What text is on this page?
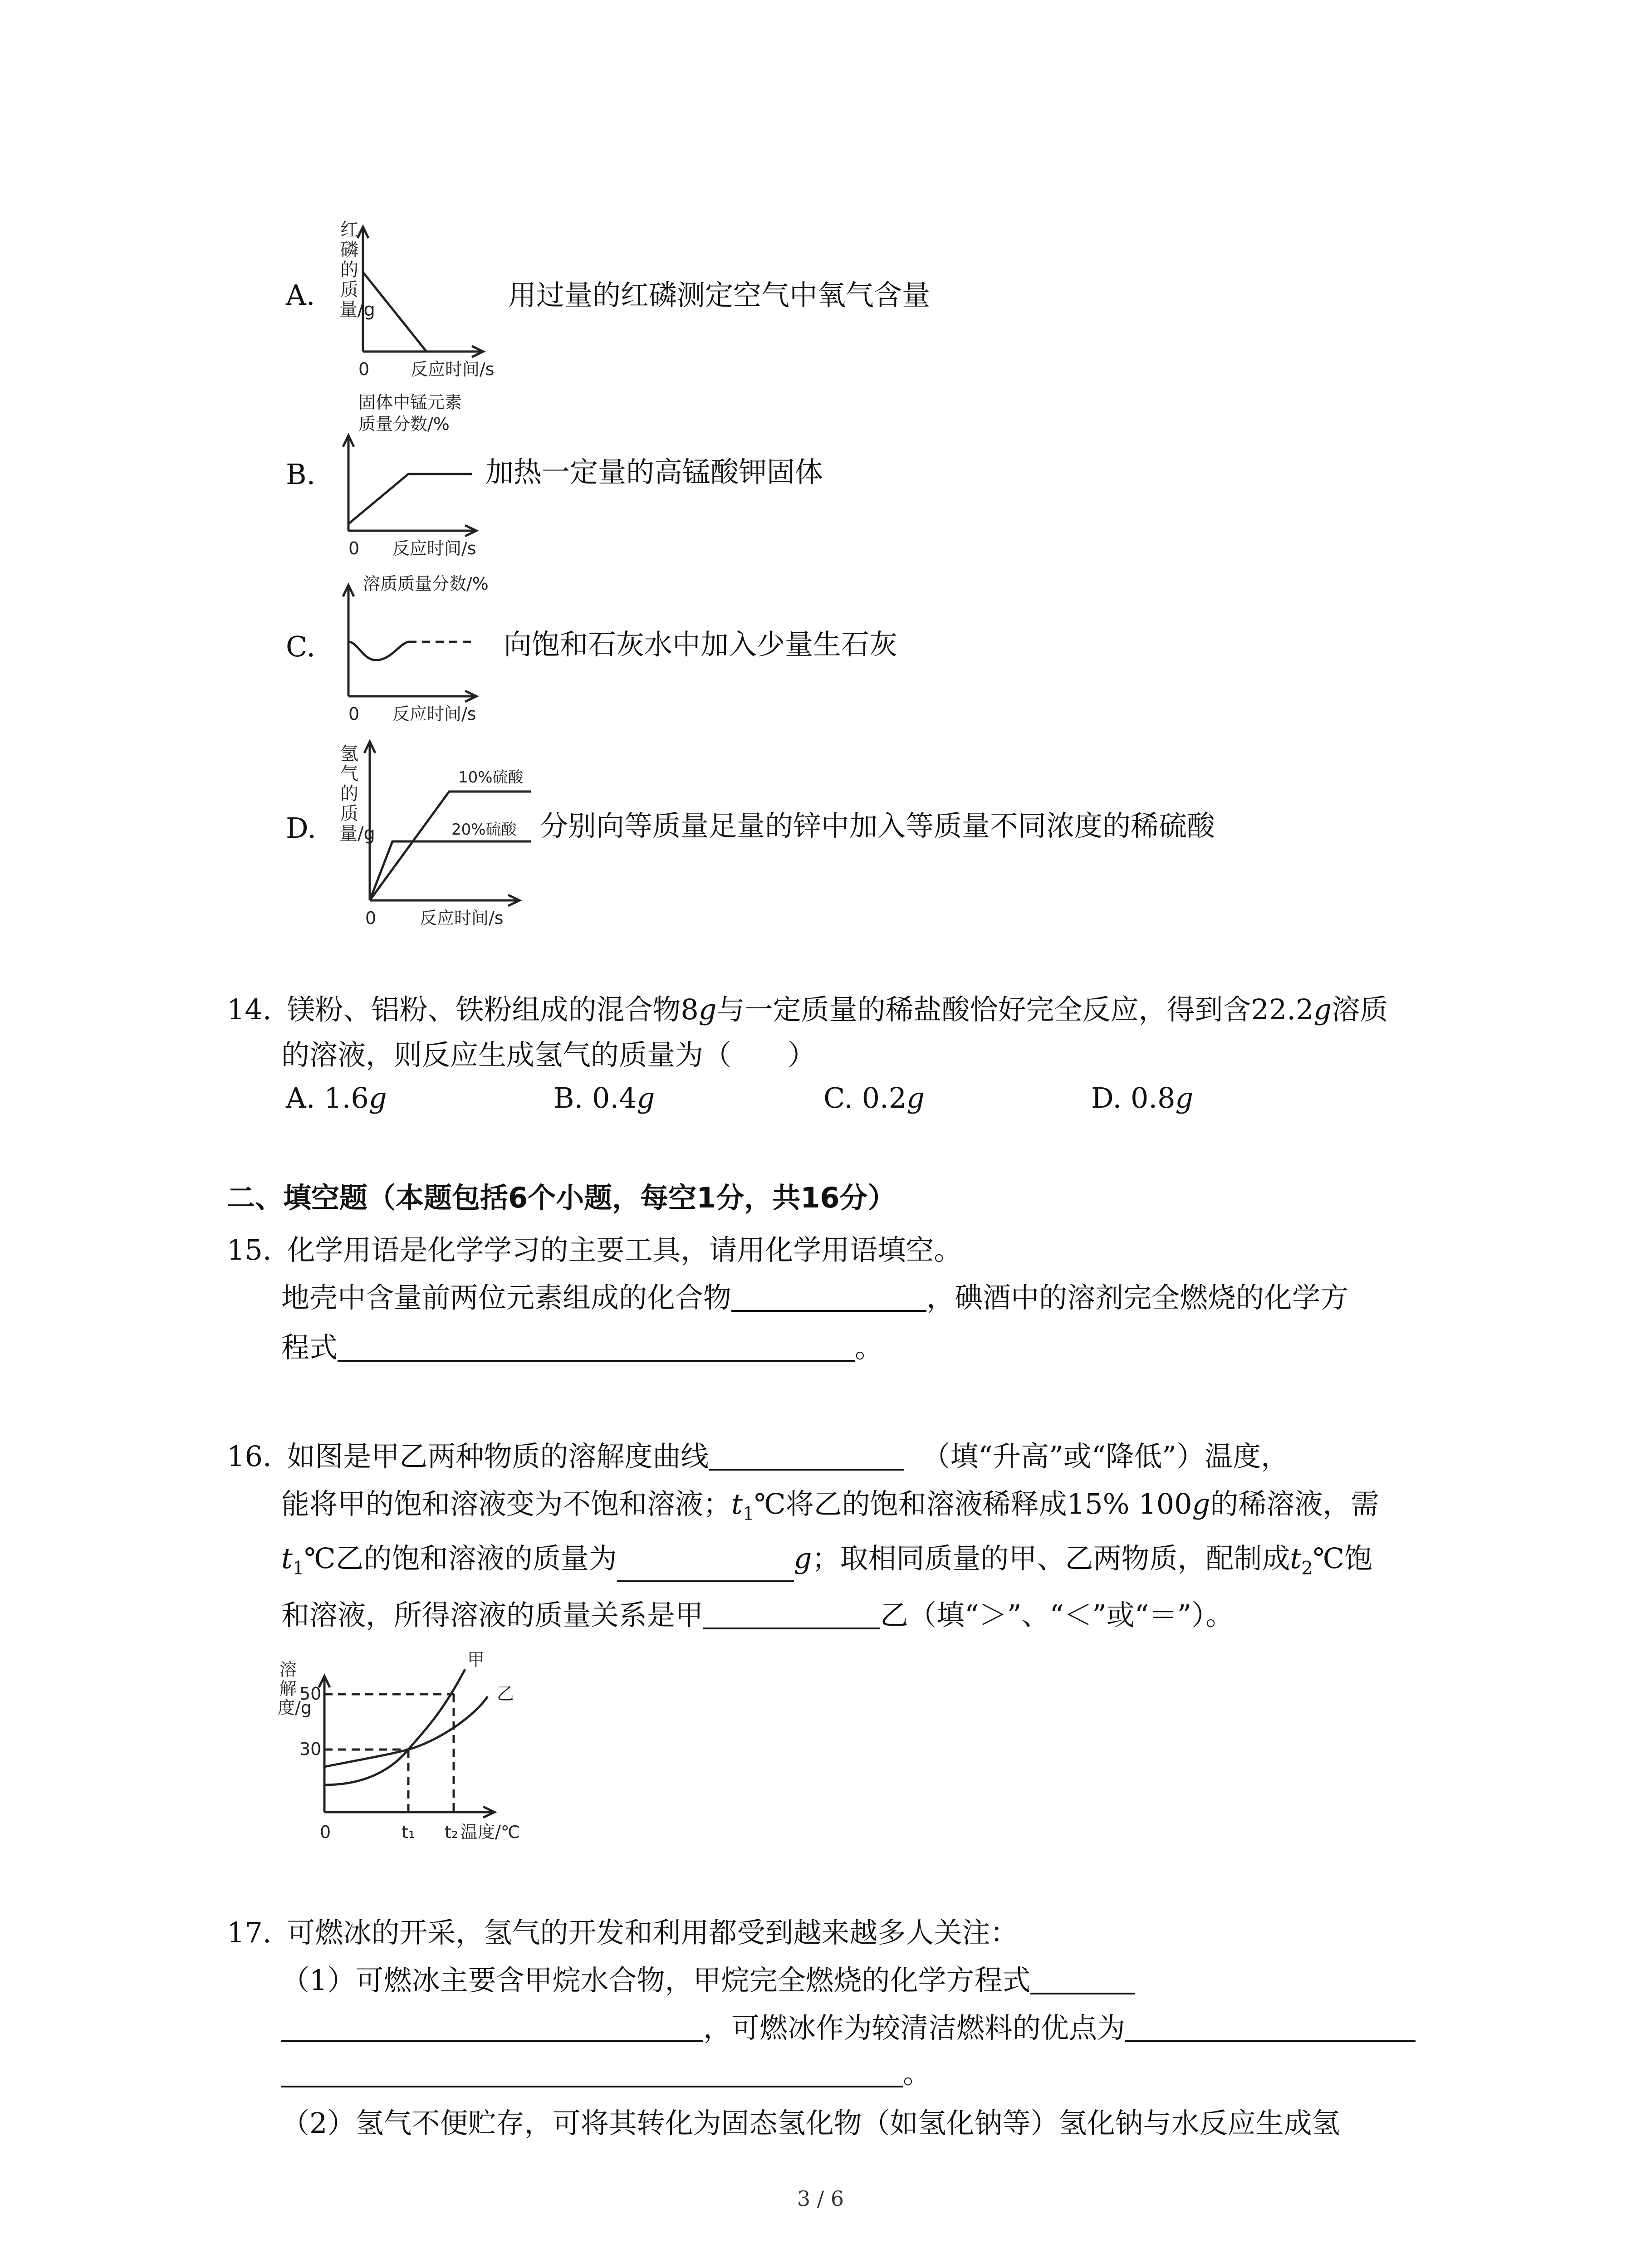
A.
红磷的质量/g
0 反应时间/s
用过量的红磷测定空气中氧气含量
B.
固体中锰元素
质量分数/%
0 反应时间/s
加热一定量的高锰酸钾固体
C.
溶质质量分数/%
0 反应时间/s
向饱和石灰水中加入少量生石灰
D.
氢气的质量/g
10%硫酸
20%硫酸
0	反应时间/s
分别向等质量足量的锌中加入等质量不同浓度的稀硫酸
14. 镁粉、铝粉、铁粉组成的混合物8g与一定质量的稀盐酸恰好完全反应，得到含22.2g溶质
的溶液，则反应生成氢气的质量为（　　）
A. 1.6g	B. 0.4g	C. 0.2g	D. 0.8g
二、填空题（本题包括6个小题，每空1分，共16分）
15. 化学用语是化学学习的主要工具，请用化学用语填空。
地壳中含量前两位元素组成的化合物	，碘酒中的溶剂完全燃烧的化学方
程式	。
16. 如图是甲乙两种物质的溶解度曲线	（填“升高”或“降低”）温度，
能将甲的饱和溶液变为不饱和溶液；$t_1℃$将乙的饱和溶液稀释成15% 100g的稀溶液，需
$t_1℃$乙的饱和溶液的质量为	g；取相同质量的甲、乙两物质，配制成$t_2℃$饱
和溶液，所得溶液的质量关系是甲	乙（填“＞”、“＜”或“＝”）。
溶解度/g
50
30
0	t₁ t₂ 温度/℃
甲
乙
17. 可燃冰的开采，氢气的开发和利用都受到越来越多人关注：
（1）可燃冰主要含甲烷水合物，甲烷完全燃烧的化学方程式
，可燃冰作为较清洁燃料的优点为
。
（2）氢气不便贮存，可将其转化为固态氢化物（如氢化钠等）氢化钠与水反应生成氢
3 / 6
